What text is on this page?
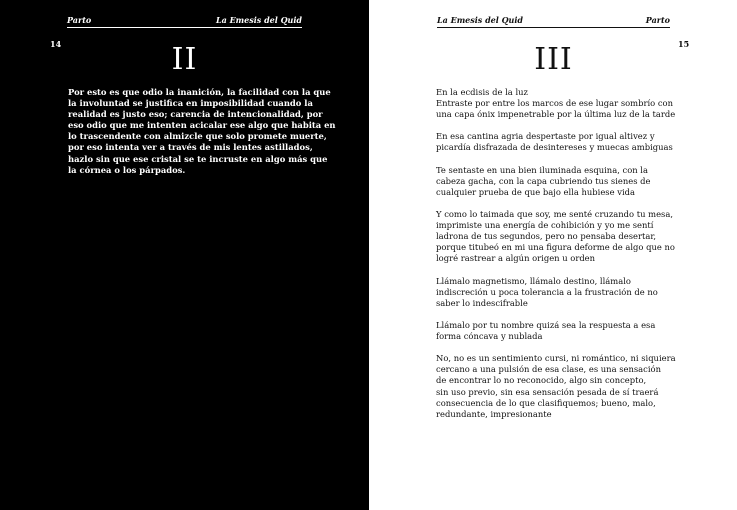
Parto	La Emesis del Quid
14	II
Por esto es que odio la inanición, la facilidad con la que
la involuntad se justifica en imposibilidad cuando la
realidad es justo eso; carencia de intencionalidad, por
eso odio que me intenten acicalar ese algo que habita en
lo trascendente con almizcle que solo promete muerte,
por eso intenta ver a través de mis lentes astillados,
hazlo sin que ese cristal se te incruste en algo más que
la córnea o los párpados.
La Emesis del Quid	Parto
15
III
En la ecdisis de la luz
Entraste por entre los marcos de ese lugar sombrío con
una capa ónix impenetrable por la última luz de la tarde
En esa cantina agria despertaste por igual altivez y
picardía disfrazada de desintereses y muecas ambiguas
Te sentaste en una bien iluminada esquina, con la
cabeza gacha, con la capa cubriendo tus sienes de
cualquier prueba de que bajo ella hubiese vida
Y como lo taimada que soy, me senté cruzando tu mesa,
imprimiste una energía de cohibición y yo me sentí
ladrona de tus segundos, pero no pensaba desertar,
porque titubeó en mi una figura deforme de algo que no
logré rastrear a algún origen u orden
Llámalo magnetismo, llámalo destino, llámalo
indiscreción u poca tolerancia a la frustración de no
saber lo indescifrable
Llámalo por tu nombre quizá sea la respuesta a esa
forma cóncava y nublada
No, no es un sentimiento cursi, ni romántico, ni siquiera
cercano a una pulsión de esa clase, es una sensación
de encontrar lo no reconocido, algo sin concepto,
sin uso previo, sin esa sensación pesada de sí traerá
consecuencia de lo que clasifiquemos; bueno, malo,
redundante, impresionante
